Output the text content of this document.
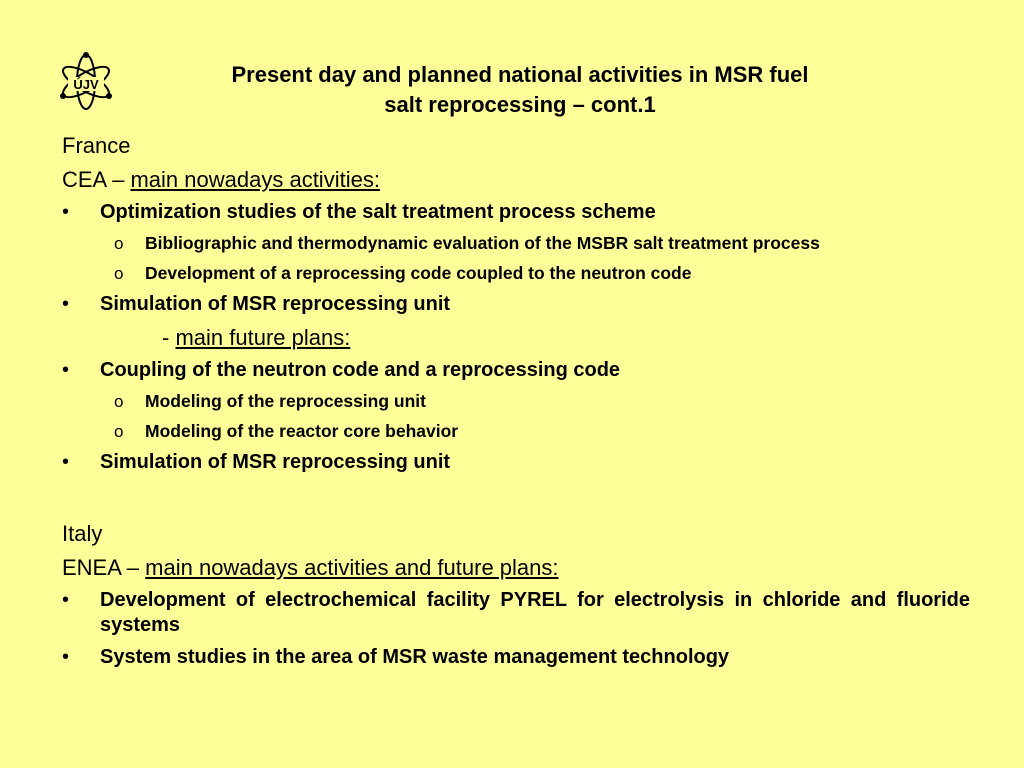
ÚJV	Present day and planned national activities in MSR fuel
salt reprocessing – cont.1
France
CEA – main nowadays activities:
• Optimization studies of the salt treatment process scheme
o Bibliographic and thermodynamic evaluation of the MSBR salt treatment process
o Development of a reprocessing code coupled to the neutron code
• Simulation of MSR reprocessing unit
- main future plans:
• Coupling of the neutron code and a reprocessing code
o Modeling of the reprocessing unit
o Modeling of the reactor core behavior
• Simulation of MSR reprocessing unit
Italy
ENEA – main nowadays activities and future plans:
• Development of electrochemical facility PYREL for electrolysis in chloride and fluoride systems
• System studies in the area of MSR waste management technology
